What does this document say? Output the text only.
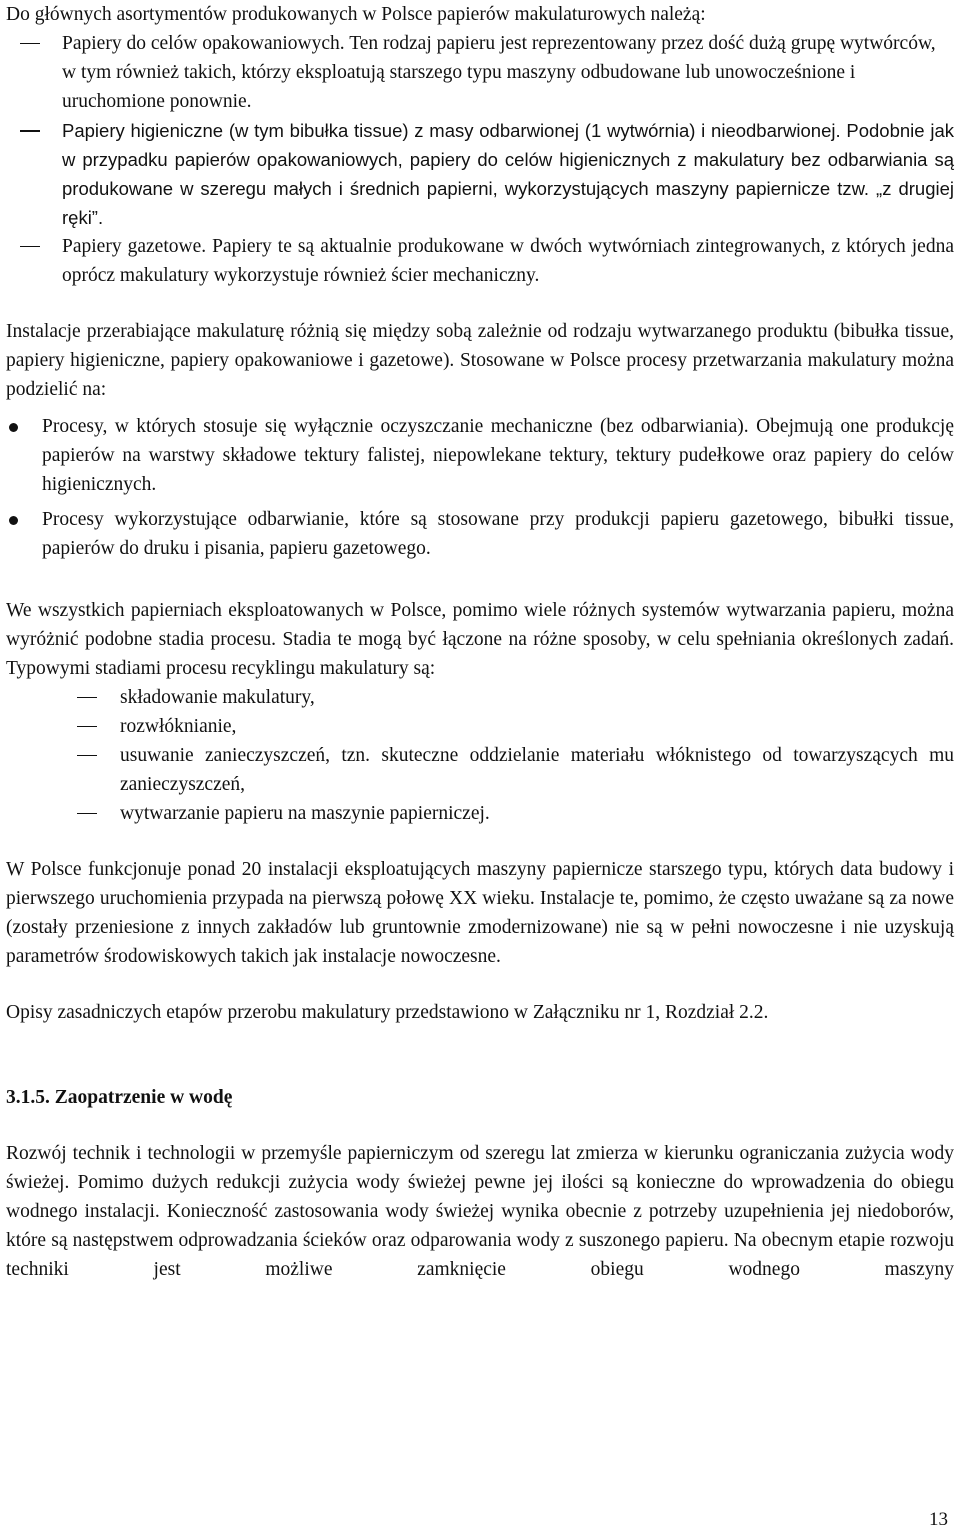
Do głównych asortymentów produkowanych w Polsce papierów makulaturowych należą:

Papiery do celów opakowaniowych. Ten rodzaj papieru jest reprezentowany przez dość dużą grupę wytwórców, w tym również takich, którzy eksploatują starszego typu maszyny odbudowane lub unowocześnione i uruchomione ponownie.
Papiery higieniczne (w tym bibułka tissue) z masy odbarwionej (1 wytwórnia) i nieodbarwionej. Podobnie jak w przypadku papierów opakowaniowych, papiery do celów higienicznych z makulatury bez odbarwiania są produkowane w szeregu małych i średnich papierni, wykorzystujących maszyny papiernicze tzw. „z drugiej ręki”.
Papiery gazetowe. Papiery te są aktualnie produkowane w dwóch wytwórniach zintegrowanych, z których jedna oprócz makulatury wykorzystuje również ścier mechaniczny.

Instalacje przerabiające makulaturę różnią się między sobą zależnie od rodzaju wytwarzanego produktu (bibułka tissue, papiery higieniczne, papiery opakowaniowe i gazetowe). Stosowane w Polsce procesy przetwarzania makulatury można podzielić na:

Procesy, w których stosuje się wyłącznie oczyszczanie mechaniczne (bez odbarwiania). Obejmują one produkcję papierów na warstwy składowe tektury falistej, niepowlekane tektury, tektury pudełkowe oraz papiery do celów higienicznych.
Procesy wykorzystujące odbarwianie, które są stosowane przy produkcji papieru gazetowego, bibułki tissue, papierów do druku i pisania, papieru gazetowego.

We wszystkich papierniach eksploatowanych w Polsce, pomimo wiele różnych systemów wytwarzania papieru, można wyróżnić podobne stadia procesu. Stadia te mogą być łączone na różne sposoby, w celu spełniania określonych zadań. Typowymi stadiami procesu recyklingu makulatury są:

składowanie makulatury,
rozwłóknianie,
usuwanie zanieczyszczeń, tzn. skuteczne oddzielanie materiału włóknistego od towarzyszących mu zanieczyszczeń,
wytwarzanie papieru na maszynie papierniczej.

W Polsce funkcjonuje ponad 20 instalacji eksploatujących maszyny papiernicze starszego typu, których data budowy i pierwszego uruchomienia przypada na pierwszą połowę XX wieku. Instalacje te, pomimo, że często uważane są za nowe (zostały przeniesione z innych zakładów lub gruntownie zmodernizowane) nie są w pełni nowoczesne i nie uzyskują parametrów środowiskowych takich jak instalacje nowoczesne.

Opisy zasadniczych etapów przerobu makulatury przedstawiono w Załączniku nr 1, Rozdział 2.2.

3.1.5. Zaopatrzenie w wodę

Rozwój technik i technologii w przemyśle papierniczym od szeregu lat zmierza w kierunku ograniczania zużycia wody świeżej. Pomimo dużych redukcji zużycia wody świeżej pewne jej ilości są konieczne do wprowadzenia do obiegu wodnego instalacji. Konieczność zastosowania wody świeżej wynika obecnie z potrzeby uzupełnienia jej niedoborów, które są następstwem odprowadzania ścieków oraz odparowania wody z suszonego papieru. Na obecnym etapie rozwoju techniki jest możliwe zamknięcie obiegu wodnego maszyny

13
